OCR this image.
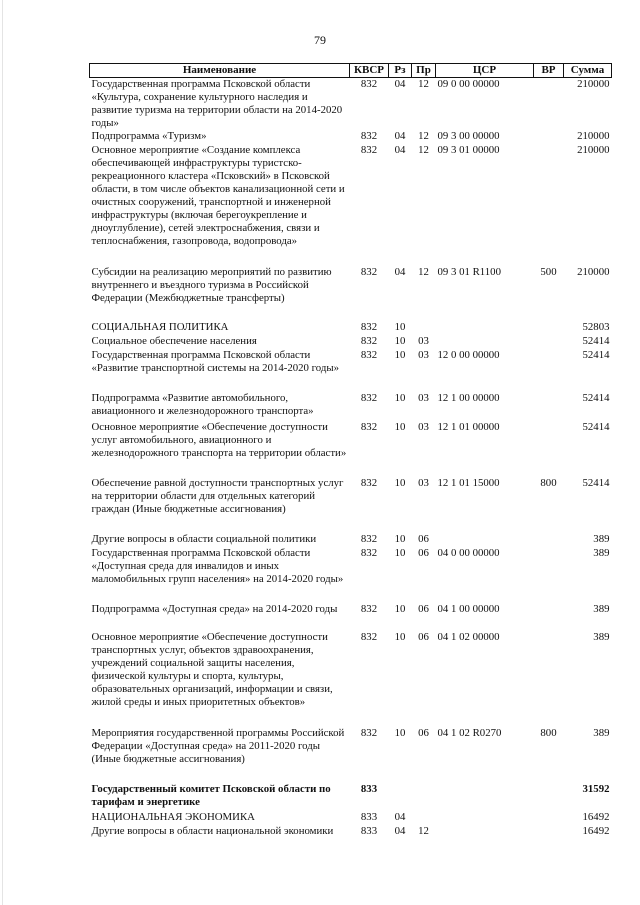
79
Наименование	КВСР	Рз	Пр	ЦСР	ВР	Сумма
Государственная программа Псковской области «Культура, сохранение культурного наследия и развитие туризма на территории области на 2014-2020 годы»	832	04	12	09 0 00 00000		210000
Подпрограмма «Туризм»	832	04	12	09 3 00 00000		210000
Основное мероприятие «Создание комплекса обеспечивающей инфраструктуры туристско-рекреационного кластера «Псковский» в Псковской области, в том числе объектов канализационной сети и очистных сооружений, транспортной и инженерной инфраструктуры (включая берегоукрепление и дноуглубление), сетей электроснабжения, связи и теплоснабжения, газопровода, водопровода»	832	04	12	09 3 01 00000		210000
Субсидии на реализацию мероприятий по развитию внутреннего и въездного туризма в Российской Федерации (Межбюджетные трансферты)	832	04	12	09 3 01 R1100	500	210000
СОЦИАЛЬНАЯ ПОЛИТИКА	832	10				52803
Социальное обеспечение населения	832	10	03			52414
Государственная программа Псковской области «Развитие транспортной системы на 2014-2020 годы»	832	10	03	12 0 00 00000		52414
Подпрограмма «Развитие автомобильного, авиационного и железнодорожного транспорта»	832	10	03	12 1 00 00000		52414
Основное мероприятие «Обеспечение доступности услуг автомобильного, авиационного и железнодорожного транспорта на территории области»	832	10	03	12 1 01 00000		52414
Обеспечение равной доступности транспортных услуг на территории области для отдельных категорий граждан (Иные бюджетные ассигнования)	832	10	03	12 1 01 15000	800	52414
Другие вопросы в области социальной политики	832	10	06			389
Государственная программа Псковской области «Доступная среда для инвалидов и иных маломобильных групп населения» на 2014-2020 годы»	832	10	06	04 0 00 00000		389
Подпрограмма «Доступная среда» на 2014-2020 годы	832	10	06	04 1 00 00000		389
Основное мероприятие «Обеспечение доступности транспортных услуг, объектов здравоохранения, учреждений социальной защиты населения, физической культуры и спорта, культуры, образовательных организаций, информации и связи, жилой среды и иных приоритетных объектов»	832	10	06	04 1 02 00000		389
Мероприятия государственной программы Российской Федерации «Доступная среда» на 2011-2020 годы (Иные бюджетные ассигнования)	832	10	06	04 1 02 R0270	800	389
Государственный комитет Псковской области по тарифам и энергетике	833					31592
НАЦИОНАЛЬНАЯ ЭКОНОМИКА	833	04				16492
Другие вопросы в области национальной экономики	833	04	12			16492
